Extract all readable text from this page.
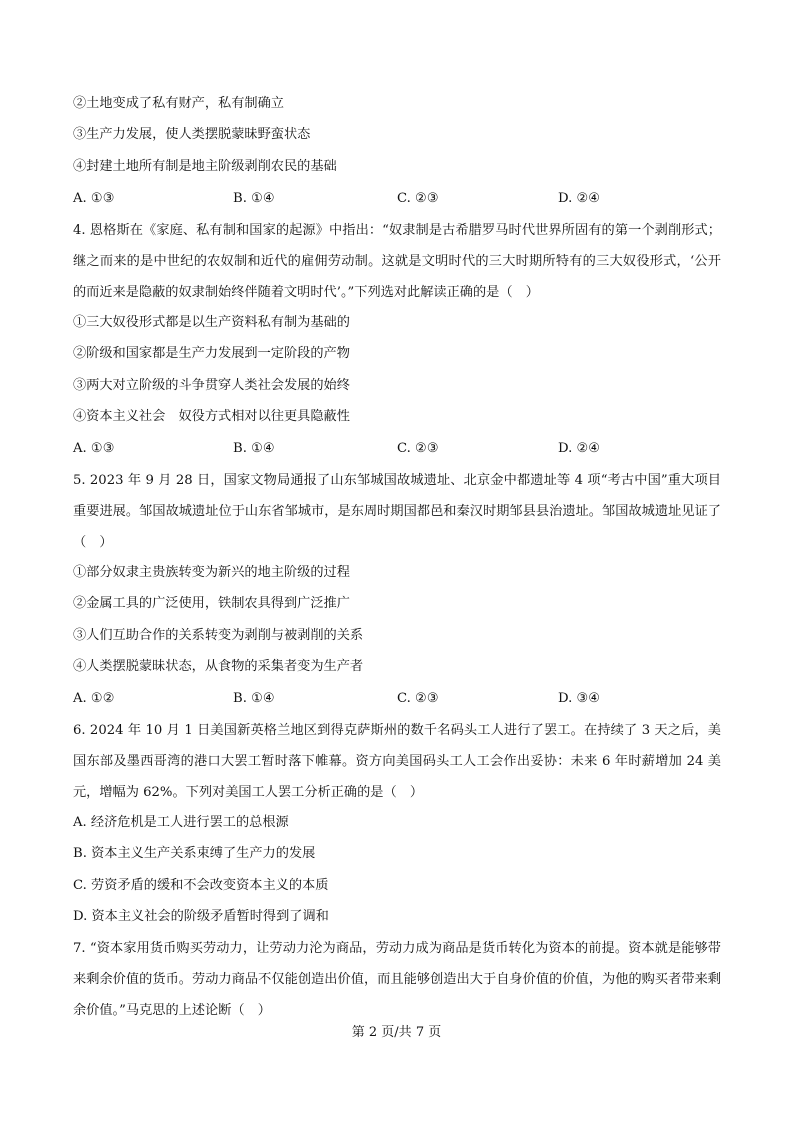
②土地变成了私有财产，私有制确立
③生产力发展，使人类摆脱蒙昧野蛮状态
④封建土地所有制是地主阶级剥削农民的基础
A. ①③	B. ①④	C. ②③	D. ②④
4. 恩格斯在《家庭、私有制和国家的起源》中指出：“奴隶制是古希腊罗马时代世界所固有的第一个剥削形式；继之而来的是中世纪的农奴制和近代的雇佣劳动制。这就是文明时代的三大时期所特有的三大奴役形式，‘公开的而近来是隐蔽的奴隶制始终伴随着文明时代’。”下列选对此解读正确的是（　）
①三大奴役形式都是以生产资料私有制为基础的
②阶级和国家都是生产力发展到一定阶段的产物
③两大对立阶级的斗争贯穿人类社会发展的始终
④资本主义社会　奴役方式相对以往更具隐蔽性
A. ①③	B. ①④	C. ②③	D. ②④
5. 2023 年 9 月 28 日，国家文物局通报了山东邹城国故城遗址、北京金中都遗址等 4 项“考古中国”重大项目重要进展。邹国故城遗址位于山东省邹城市，是东周时期国都邑和秦汉时期邹县县治遗址。邹国故城遗址见证了（　）
①部分奴隶主贵族转变为新兴的地主阶级的过程
②金属工具的广泛使用，铁制农具得到广泛推广
③人们互助合作的关系转变为剥削与被剥削的关系
④人类摆脱蒙昧状态，从食物的采集者变为生产者
A. ①②	B. ①④	C. ②③	D. ③④
6. 2024 年 10 月 1 日美国新英格兰地区到得克萨斯州的数千名码头工人进行了罢工。在持续了 3 天之后，美国东部及墨西哥湾的港口大罢工暂时落下帷幕。资方向美国码头工人工会作出妥协：未来 6 年时薪增加 24 美元，增幅为 62%。下列对美国工人罢工分析正确的是（　）
A. 经济危机是工人进行罢工的总根源
B. 资本主义生产关系束缚了生产力的发展
C. 劳资矛盾的缓和不会改变资本主义的本质
D. 资本主义社会的阶级矛盾暂时得到了调和
7. “资本家用货币购买劳动力，让劳动力沦为商品，劳动力成为商品是货币转化为资本的前提。资本就是能够带来剩余价值的货币。劳动力商品不仅能创造出价值，而且能够创造出大于自身价值的价值，为他的购买者带来剩余价值。”马克思的上述论断（　）
第 2 页/共 7 页
